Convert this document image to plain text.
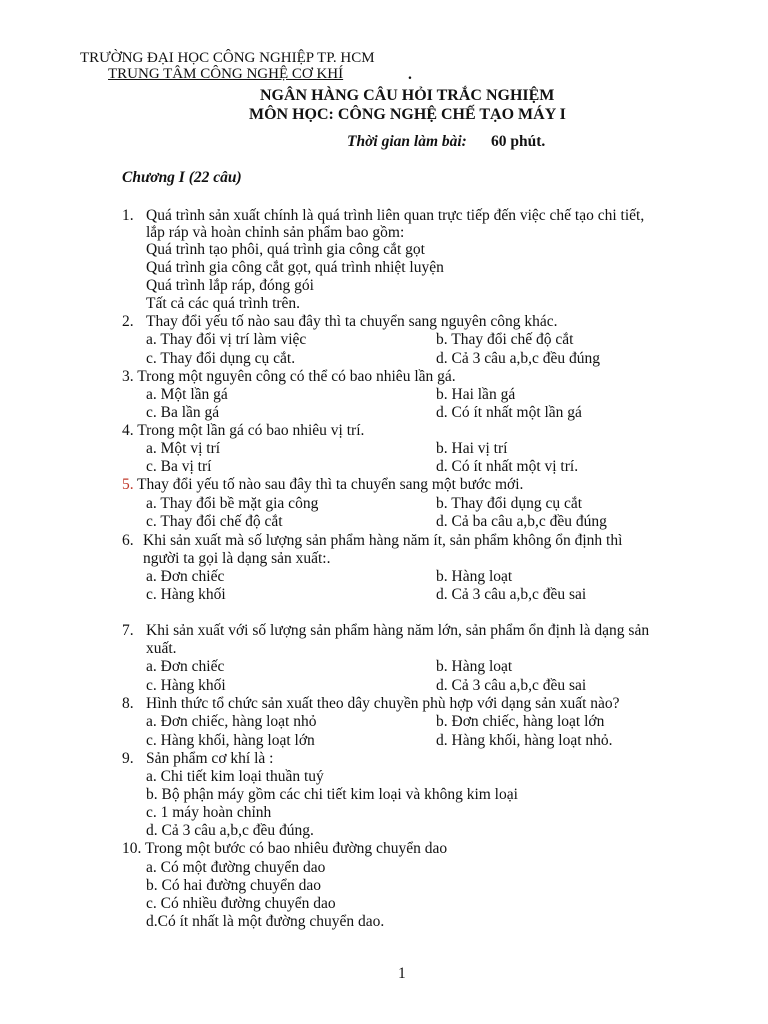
TRƯỜNG ĐẠI HỌC CÔNG NGHIỆP TP. HCM
TRUNG TÂM CÔNG NGHỆ CƠ KHÍ	.
NGÂN HÀNG CÂU HỎI TRẮC NGHIỆM
MÔN HỌC: CÔNG NGHỆ CHẾ TẠO MÁY I
Thời gian làm bài: 60 phút.
Chương I (22 câu)
1. Quá trình sản xuất chính là quá trình liên quan trực tiếp đến việc chế tạo chi tiết,
lắp ráp và hoàn chỉnh sản phẩm bao gồm:
Quá trình tạo phôi, quá trình gia công cắt gọt
Quá trình gia công cắt gọt, quá trình nhiệt luyện
Quá trình lắp ráp, đóng gói
Tất cả các quá trình trên.
2. Thay đổi yếu tố nào sau đây thì ta chuyển sang nguyên công khác.
a. Thay đổi vị trí làm việc	b. Thay đổi chế độ cắt
c. Thay đổi dụng cụ cắt.	d. Cả 3 câu a,b,c đều đúng
3. Trong một nguyên công có thể có bao nhiêu lần gá.
a. Một lần gá	b. Hai lần gá
c. Ba lần gá	d. Có ít nhất một lần gá
4. Trong một lần gá có bao nhiêu vị trí.
a. Một vị trí	b. Hai vị trí
c. Ba vị trí	d. Có ít nhất một vị trí.
5. Thay đổi yếu tố nào sau đây thì ta chuyển sang một bước mới.
a. Thay đổi bề mặt gia công	b. Thay đổi dụng cụ cắt
c. Thay đổi chế độ cắt	d. Cả ba câu a,b,c đều đúng
6. Khi sản xuất mà số lượng sản phẩm hàng năm ít, sản phẩm không ổn định thì
người ta gọi là dạng sản xuất:.
a. Đơn chiếc	b. Hàng loạt
c. Hàng khối	d. Cả 3 câu a,b,c đều sai
7. Khi sản xuất với số lượng sản phẩm hàng năm lớn, sản phẩm ổn định là dạng sản
xuất.
a. Đơn chiếc	b. Hàng loạt
c. Hàng khối	d. Cả 3 câu a,b,c đều sai
8. Hình thức tổ chức sản xuất theo dây chuyền phù hợp với dạng sản xuất nào?
a. Đơn chiếc, hàng loạt nhỏ	b. Đơn chiếc, hàng loạt lớn
c. Hàng khối, hàng loạt lớn	d. Hàng khối, hàng loạt nhỏ.
9. Sản phẩm cơ khí là :
a. Chi tiết kim loại thuần tuý
b. Bộ phận máy gồm các chi tiết kim loại và không kim loại
c. 1 máy hoàn chỉnh
d. Cả 3 câu a,b,c đều đúng.
10. Trong một bước có bao nhiêu đường chuyển dao
a. Có một đường chuyển dao
b. Có hai đường chuyển dao
c. Có nhiều đường chuyển dao
d.Có ít nhất là một đường chuyển dao.
1
